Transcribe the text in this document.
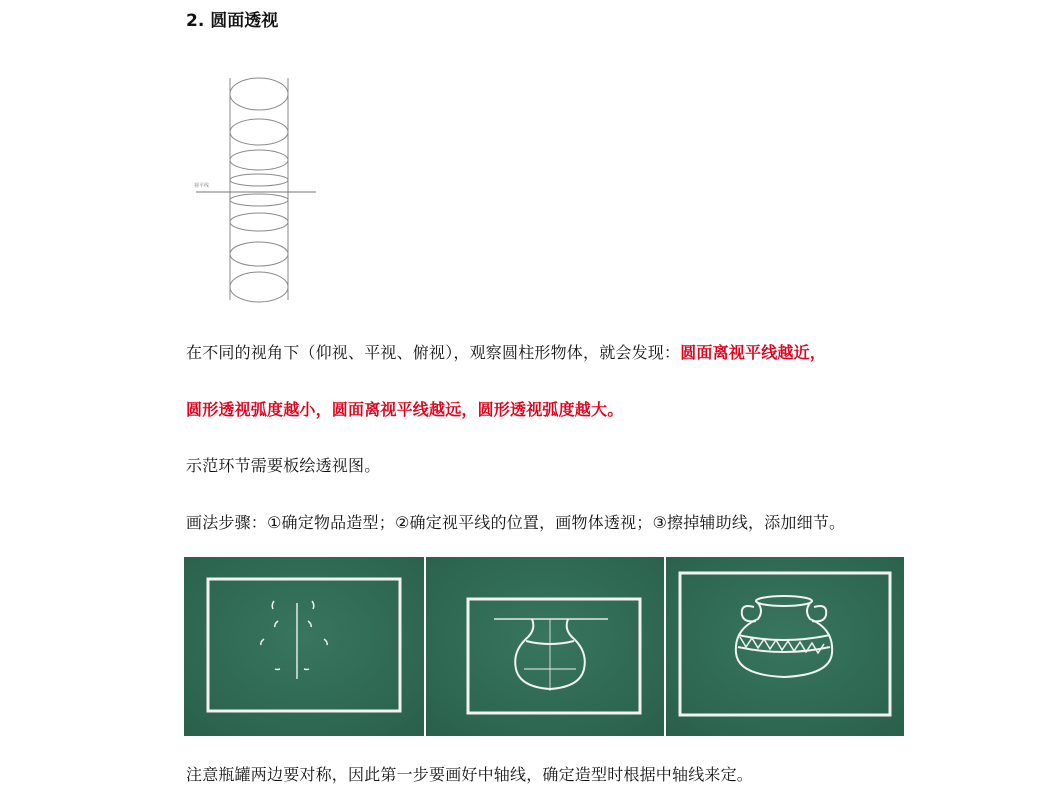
2. 圆面透视
视平线
在不同的视角下（仰视、平视、俯视），观察圆柱形物体，就会发现：圆面离视平线越近，
圆形透视弧度越小，圆面离视平线越远，圆形透视弧度越大。
示范环节需要板绘透视图。
画法步骤：①确定物品造型；②确定视平线的位置，画物体透视；③擦掉辅助线，添加细节。
注意瓶罐两边要对称，因此第一步要画好中轴线，确定造型时根据中轴线来定。
